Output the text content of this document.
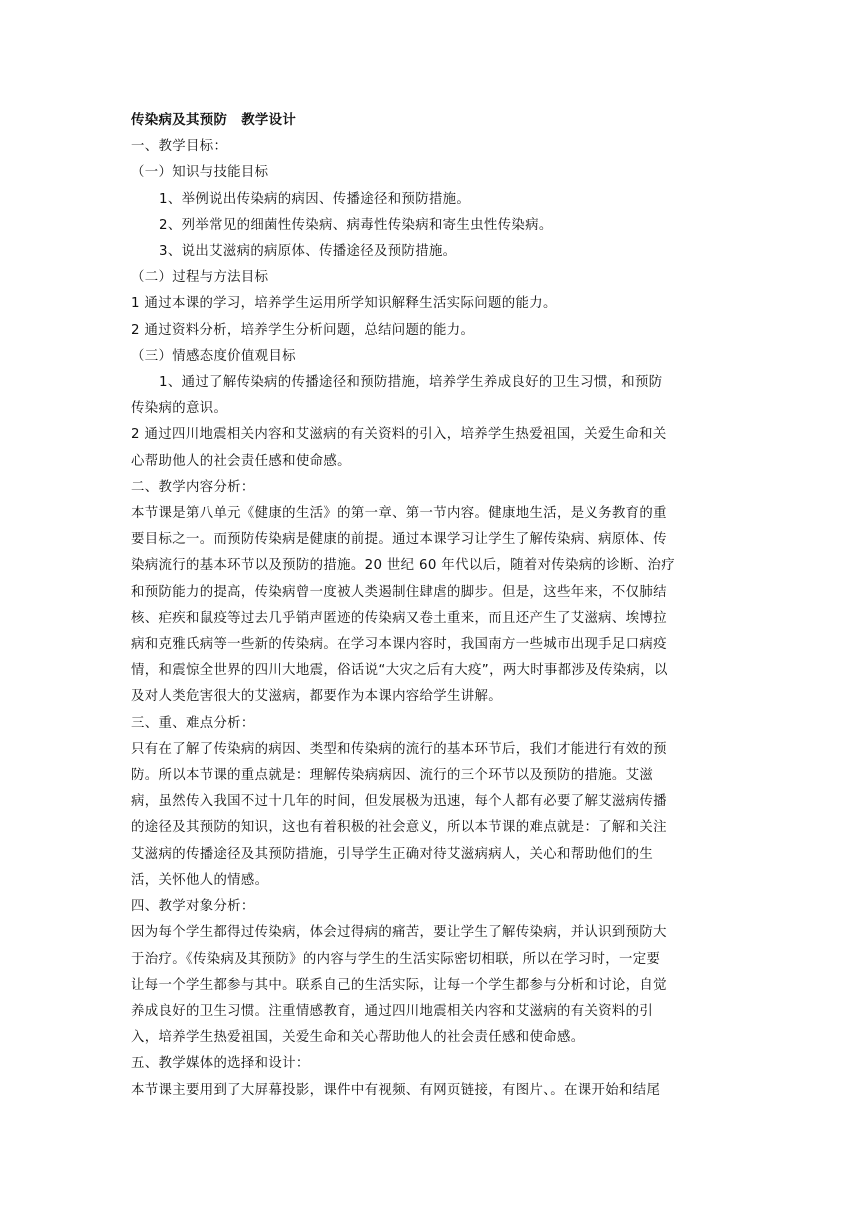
传染病及其预防 教学设计
一、教学目标：
（一）知识与技能目标
1、举例说出传染病的病因、传播途径和预防措施。
2、列举常见的细菌性传染病、病毒性传染病和寄生虫性传染病。
3、说出艾滋病的病原体、传播途径及预防措施。
（二）过程与方法目标
1 通过本课的学习，培养学生运用所学知识解释生活实际问题的能力。
2 通过资料分析，培养学生分析问题，总结问题的能力。
（三）情感态度价值观目标
1、通过了解传染病的传播途径和预防措施，培养学生养成良好的卫生习惯，和预防
传染病的意识。
2 通过四川地震相关内容和艾滋病的有关资料的引入，培养学生热爱祖国，关爱生命和关
心帮助他人的社会责任感和使命感。
二、教学内容分析：
本节课是第八单元《健康的生活》的第一章、第一节内容。健康地生活，是义务教育的重
要目标之一。而预防传染病是健康的前提。通过本课学习让学生了解传染病、病原体、传
染病流行的基本环节以及预防的措施。20 世纪 60 年代以后，随着对传染病的诊断、治疗
和预防能力的提高，传染病曾一度被人类遏制住肆虐的脚步。但是，这些年来，不仅肺结
核、疟疾和鼠疫等过去几乎销声匿迹的传染病又卷土重来，而且还产生了艾滋病、埃博拉
病和克雅氏病等一些新的传染病。在学习本课内容时，我国南方一些城市出现手足口病疫
情，和震惊全世界的四川大地震，俗话说“大灾之后有大疫”，两大时事都涉及传染病，以
及对人类危害很大的艾滋病，都要作为本课内容给学生讲解。
三、重、难点分析：
只有在了解了传染病的病因、类型和传染病的流行的基本环节后，我们才能进行有效的预
防。所以本节课的重点就是：理解传染病病因、流行的三个环节以及预防的措施。艾滋
病，虽然传入我国不过十几年的时间，但发展极为迅速，每个人都有必要了解艾滋病传播
的途径及其预防的知识，这也有着积极的社会意义，所以本节课的难点就是：了解和关注
艾滋病的传播途径及其预防措施，引导学生正确对待艾滋病病人，关心和帮助他们的生
活，关怀他人的情感。
四、教学对象分析：
因为每个学生都得过传染病，体会过得病的痛苦，要让学生了解传染病，并认识到预防大
于治疗。《传染病及其预防》的内容与学生的生活实际密切相联，所以在学习时，一定要
让每一个学生都参与其中。联系自己的生活实际，让每一个学生都参与分析和讨论，自觉
养成良好的卫生习惯。注重情感教育，通过四川地震相关内容和艾滋病的有关资料的引
入，培养学生热爱祖国，关爱生命和关心帮助他人的社会责任感和使命感。
五、教学媒体的选择和设计：
本节课主要用到了大屏幕投影，课件中有视频、有网页链接，有图片、。在课开始和结尾
